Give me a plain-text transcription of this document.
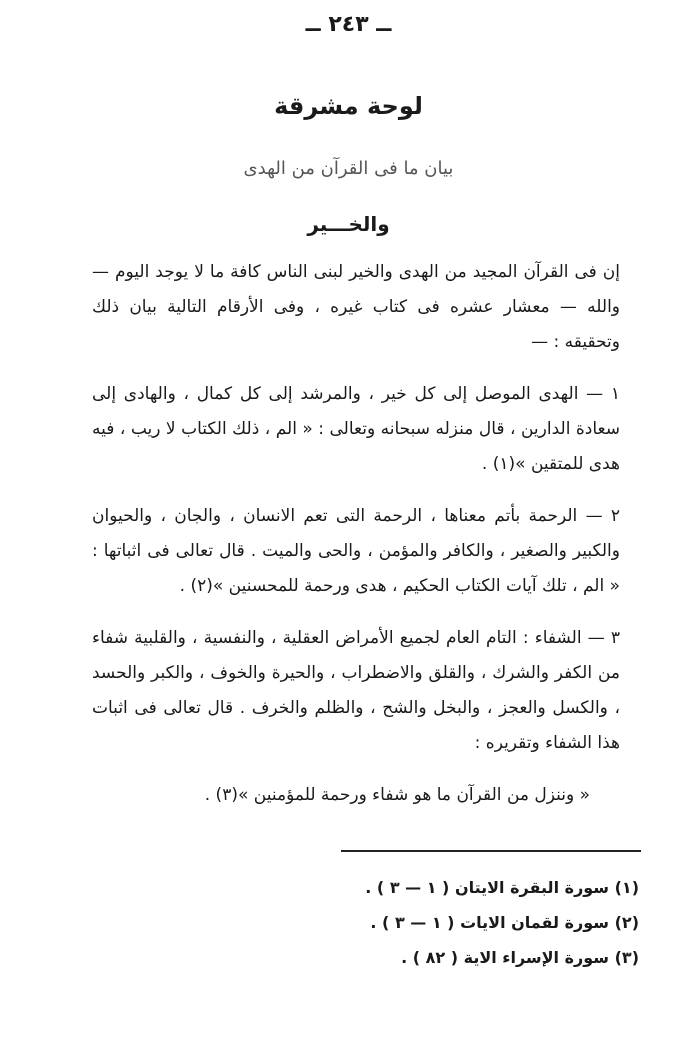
ــ ٢٤٣ ــ
لوحة مشرقة
بيان ما فى القرآن من الهدى
والخـــير

إن فى القرآن المجيد من الهدى والخير لبنى الناس كافة ما لا يوجد اليوم — والله — معشار عشره فى كتاب غيره ، وفى الأرقام التالية بيان ذلك وتحقيقه : —

١ — الهدى الموصل إلى كل خير ، والمرشد إلى كل كمال ، والهادى إلى سعادة الدارين ، قال منزله سبحانه وتعالى : « الم ، ذلك الكتاب لا ريب ، فيه هدى للمتقين »(١) .

٢ — الرحمة بأتم معناها ، الرحمة التى تعم الانسان ، والجان ، والحيوان والكبير والصغير ، والكافر والمؤمن ، والحى والميت . قال تعالى فى اثباتها : « الم ، تلك آيات الكتاب الحكيم ، هدى ورحمة للمحسنين »(٢) .

٣ — الشفاء : التام العام لجميع الأمراض العقلية ، والنفسية ، والقلبية شفاء من الكفر والشرك ، والقلق والاضطراب ، والحيرة والخوف ، والكبر والحسد ، والكسل والعجز ، والبخل والشح ، والظلم والخرف . قال تعالى فى اثبات هذا الشفاء وتقريره :

« وننزل من القرآن ما هو شفاء ورحمة للمؤمنين »(٣) .

(١) سورة البقرة الايتان ( ١ — ٣ ) .
(٢) سورة لقمان الايات ( ١ — ٣ ) .
(٣) سورة الإسراء الاية ( ٨٢ ) .
